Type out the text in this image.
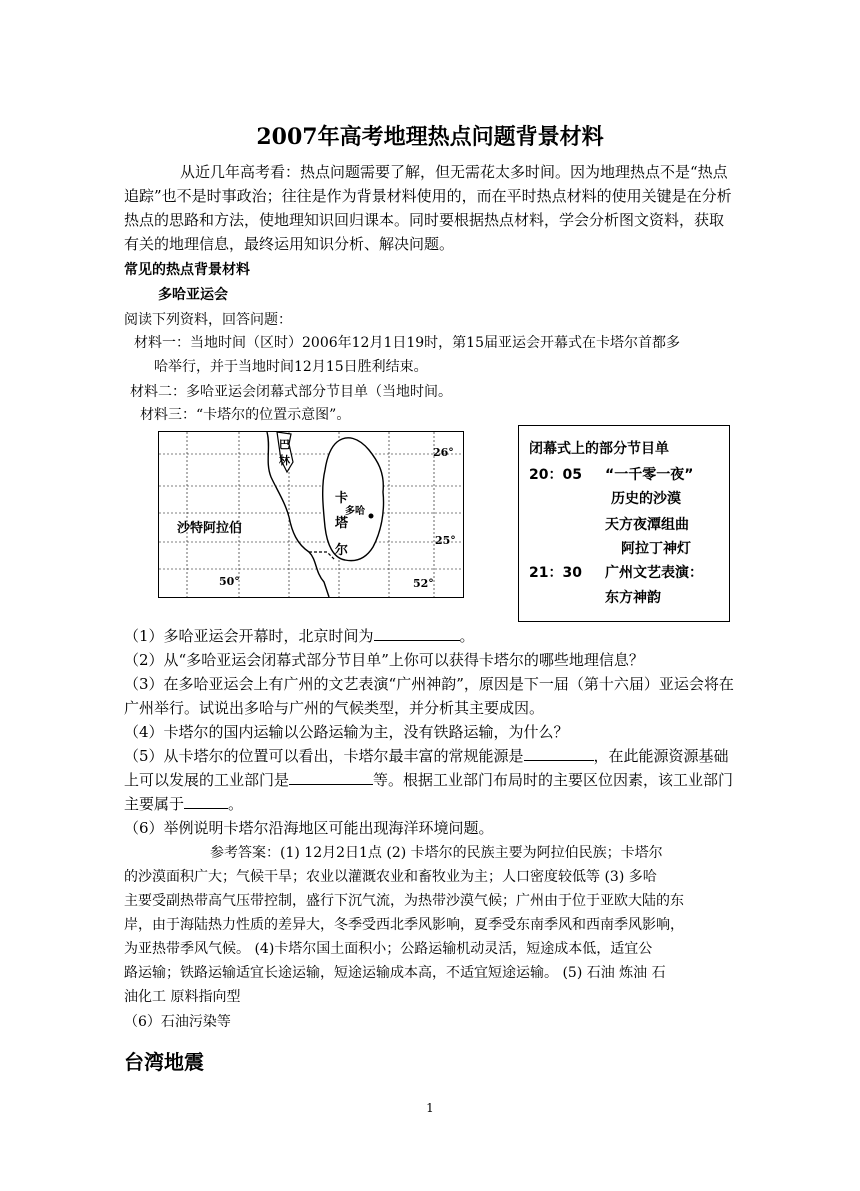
2007年高考地理热点问题背景材料
从近几年高考看：热点问题需要了解，但无需花太多时间。因为地理热点不是“热点
追踪”也不是时事政治；往往是作为背景材料使用的，而在平时热点材料的使用关键是在分析
热点的思路和方法，使地理知识回归课本。同时要根据热点材料，学会分析图文资料，获取
有关的地理信息，最终运用知识分析、解决问题。
常见的热点背景材料
多哈亚运会
阅读下列资料，回答问题：
材料一：当地时间（区时）2006年12月1日19时，第15届亚运会开幕式在卡塔尔首都多
哈举行，并于当地时间12月15日胜利结束。
材料二：多哈亚运会闭幕式部分节目单（当地时间。
材料三：“卡塔尔的位置示意图”。
巴
林
沙特阿拉伯
卡
塔
尔
多哈
26°
25°
50°	52°
闭幕式上的部分节目单
20：05 “一千零一夜”
历史的沙漠
天方夜潭组曲
阿拉丁神灯
21：30 广州文艺表演：
东方神韵
（1）多哈亚运会开幕时，北京时间为	。
（2）从“多哈亚运会闭幕式部分节目单”上你可以获得卡塔尔的哪些地理信息？
（3）在多哈亚运会上有广州的文艺表演“广州神韵”，原因是下一届（第十六届）亚运会将在
广州举行。试说出多哈与广州的气候类型，并分析其主要成因。
（4）卡塔尔的国内运输以公路运输为主，没有铁路运输，为什么？
（5）从卡塔尔的位置可以看出，卡塔尔最丰富的常规能源是	，在此能源资源基础
上可以发展的工业部门是	等。根据工业部门布局时的主要区位因素，该工业部门
主要属于	。
（6）举例说明卡塔尔沿海地区可能出现海洋环境问题。
参考答案：(1) 12月2日1点 (2) 卡塔尔的民族主要为阿拉伯民族；卡塔尔
的沙漠面积广大；气候干旱；农业以灌溉农业和畜牧业为主；人口密度较低等 (3) 多哈
主要受副热带高气压带控制，盛行下沉气流，为热带沙漠气候；广州由于位于亚欧大陆的东
岸，由于海陆热力性质的差异大，冬季受西北季风影响，夏季受东南季风和西南季风影响，
为亚热带季风气候。 (4)卡塔尔国土面积小；公路运输机动灵活，短途成本低，适宜公
路运输；铁路运输适宜长途运输，短途运输成本高，不适宜短途运输。 (5) 石油 炼油 石
油化工 原料指向型
（6）石油污染等
台湾地震
1
